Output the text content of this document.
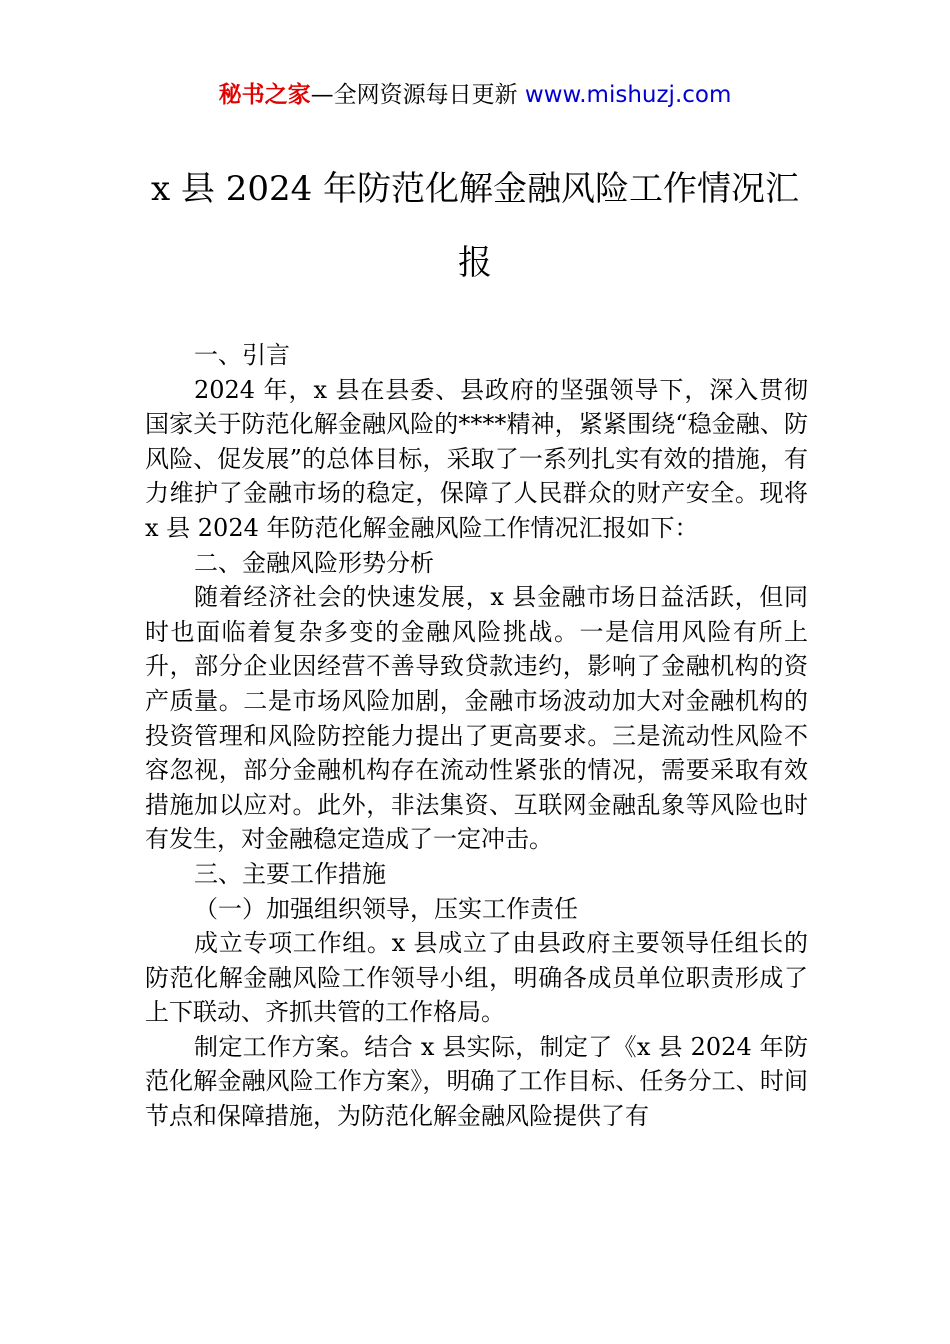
秘书之家—全网资源每日更新 www.mishuzj.com
x 县 2024 年防范化解金融风险工作情况汇报

一、引言

2024 年，x 县在县委、县政府的坚强领导下，深入贯彻国家关于防范化解金融风险的****精神，紧紧围绕“稳金融、防风险、促发展”的总体目标，采取了一系列扎实有效的措施，有力维护了金融市场的稳定，保障了人民群众的财产安全。现将 x 县 2024 年防范化解金融风险工作情况汇报如下：

二、金融风险形势分析

随着经济社会的快速发展，x 县金融市场日益活跃，但同时也面临着复杂多变的金融风险挑战。一是信用风险有所上升，部分企业因经营不善导致贷款违约，影响了金融机构的资产质量。二是市场风险加剧，金融市场波动加大对金融机构的投资管理和风险防控能力提出了更高要求。三是流动性风险不容忽视，部分金融机构存在流动性紧张的情况，需要采取有效措施加以应对。此外，非法集资、互联网金融乱象等风险也时有发生，对金融稳定造成了一定冲击。

三、主要工作措施

（一）加强组织领导，压实工作责任

成立专项工作组。x 县成立了由县政府主要领导任组长的防范化解金融风险工作领导小组，明确各成员单位职责形成了上下联动、齐抓共管的工作格局。

制定工作方案。结合 x 县实际，制定了《x 县 2024 年防范化解金融风险工作方案》，明确了工作目标、任务分工、时间节点和保障措施，为防范化解金融风险提供了有
